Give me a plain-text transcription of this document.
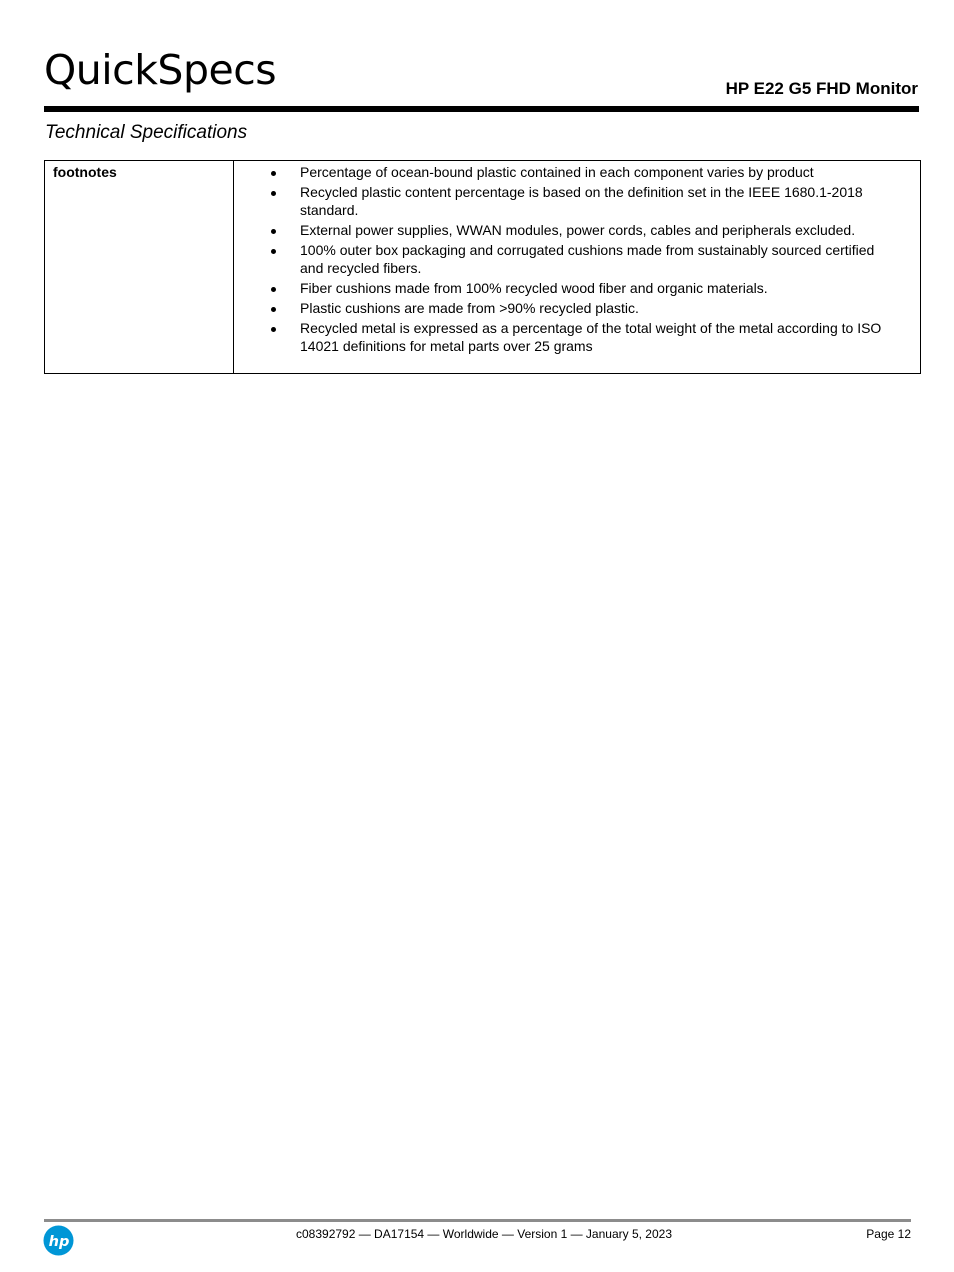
QuickSpecs	HP E22 G5 FHD Monitor
Technical Specifications
footnotes	Percentage of ocean-bound plastic contained in each component varies by product
Recycled plastic content percentage is based on the definition set in the IEEE 1680.1-2018 standard.
External power supplies, WWAN modules, power cords, cables and peripherals excluded.
100% outer box packaging and corrugated cushions made from sustainably sourced certified and recycled fibers.
Fiber cushions made from 100% recycled wood fiber and organic materials.
Plastic cushions are made from >90% recycled plastic.
Recycled metal is expressed as a percentage of the total weight of the metal according to ISO 14021 definitions for metal parts over 25 grams
hp	c08392792 — DA17154 — Worldwide — Version 1 — January 5, 2023	Page 12
